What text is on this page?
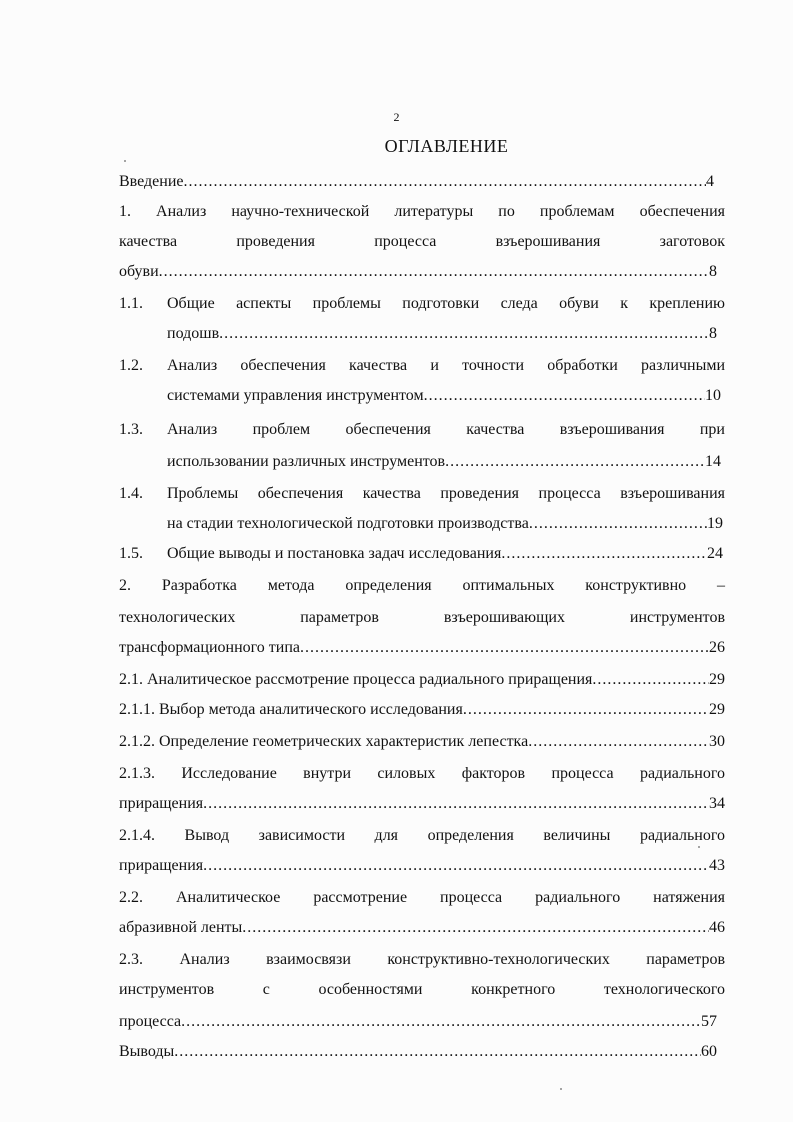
2
ОГЛАВЛЕНИЕ
Введение .....	4
1. Анализ научно-технической литературы по проблемам обеспечения
качества проведения процесса взъерошивания заготовок
обуви .....	8
1.1. Общие аспекты проблемы подготовки следа обуви к креплению
подошв .....	8
1.2. Анализ обеспечения качества и точности обработки различными
системами управления инструментом .....	10
1.3. Анализ проблем обеспечения качества взъерошивания при
использовании различных инструментов .....	14
1.4. Проблемы обеспечения качества проведения процесса взъерошивания
на стадии технологической подготовки производства .....	19
1.5. Общие выводы и постановка задач исследования .....	24
2. Разработка метода определения оптимальных конструктивно –
технологических параметров взъерошивающих инструментов
трансформационного типа .....	26
2.1. Аналитическое рассмотрение процесса радиального приращения .....	29
2.1.1. Выбор метода аналитического исследования .....	29
2.1.2. Определение геометрических характеристик лепестка .....	30
2.1.3. Исследование внутри силовых факторов процесса радиального
приращения .....	34
2.1.4. Вывод зависимости для определения величины радиального
приращения .....	43
2.2. Аналитическое рассмотрение процесса радиального натяжения
абразивной ленты .....	46
2.3. Анализ взаимосвязи конструктивно-технологических параметров
инструментов с особенностями конкретного технологического
процесса .....	57
Выводы .....	60
